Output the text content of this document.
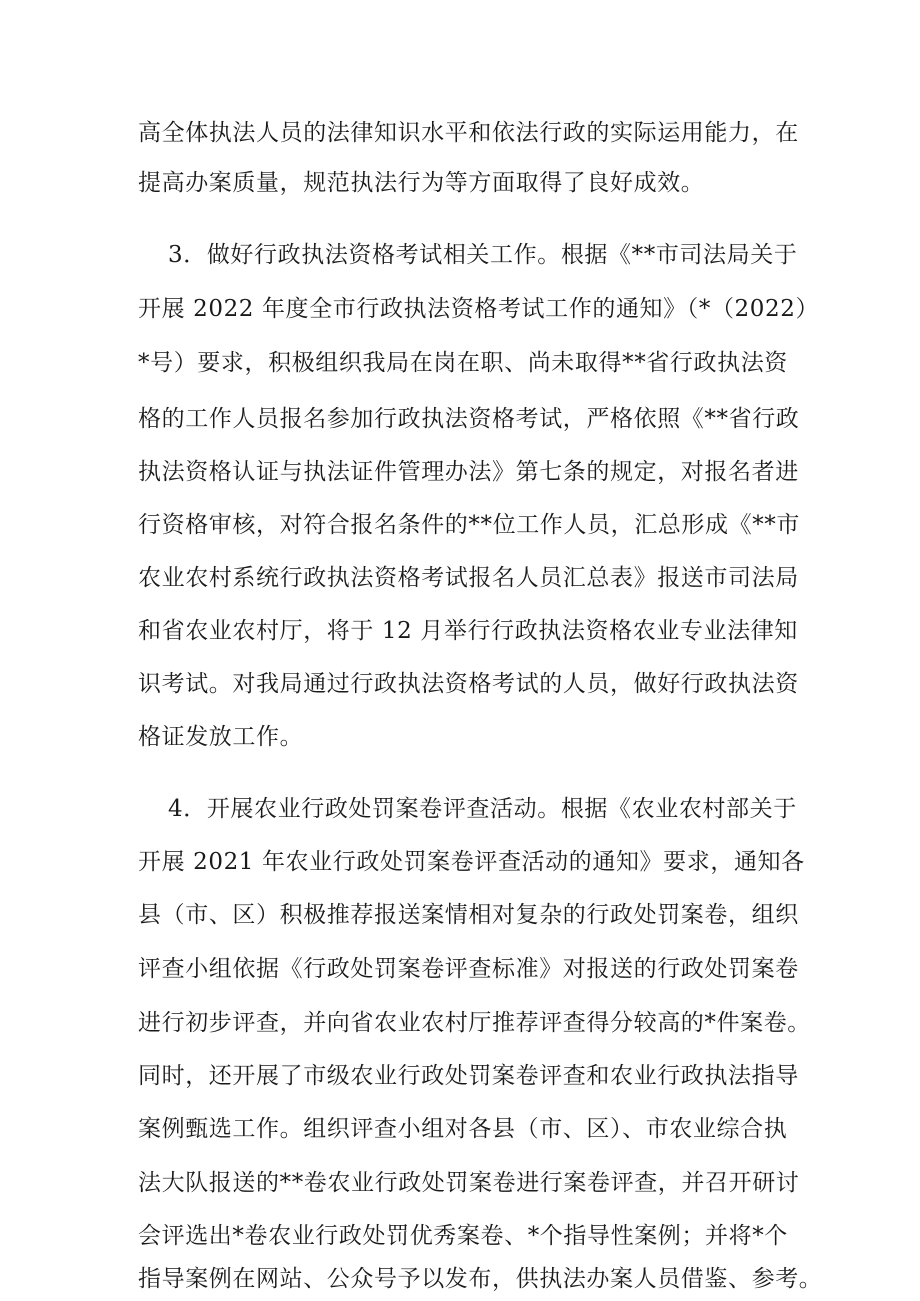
高全体执法人员的法律知识水平和依法行政的实际运用能力，在
提高办案质量，规范执法行为等方面取得了良好成效。
3．做好行政执法资格考试相关工作。根据《**市司法局关于
开展 2022 年度全市行政执法资格考试工作的通知》（*（2022）
*号）要求，积极组织我局在岗在职、尚未取得**省行政执法资
格的工作人员报名参加行政执法资格考试，严格依照《**省行政
执法资格认证与执法证件管理办法》第七条的规定，对报名者进
行资格审核，对符合报名条件的**位工作人员，汇总形成《**市
农业农村系统行政执法资格考试报名人员汇总表》报送市司法局
和省农业农村厅，将于 12 月举行行政执法资格农业专业法律知
识考试。对我局通过行政执法资格考试的人员，做好行政执法资
格证发放工作。
4．开展农业行政处罚案卷评查活动。根据《农业农村部关于
开展 2021 年农业行政处罚案卷评查活动的通知》要求，通知各
县（市、区）积极推荐报送案情相对复杂的行政处罚案卷，组织
评查小组依据《行政处罚案卷评查标准》对报送的行政处罚案卷
进行初步评查，并向省农业农村厅推荐评查得分较高的*件案卷。
同时，还开展了市级农业行政处罚案卷评查和农业行政执法指导
案例甄选工作。组织评查小组对各县（市、区）、市农业综合执
法大队报送的**卷农业行政处罚案卷进行案卷评查，并召开研讨
会评选出*卷农业行政处罚优秀案卷、*个指导性案例；并将*个
指导案例在网站、公众号予以发布，供执法办案人员借鉴、参考。
